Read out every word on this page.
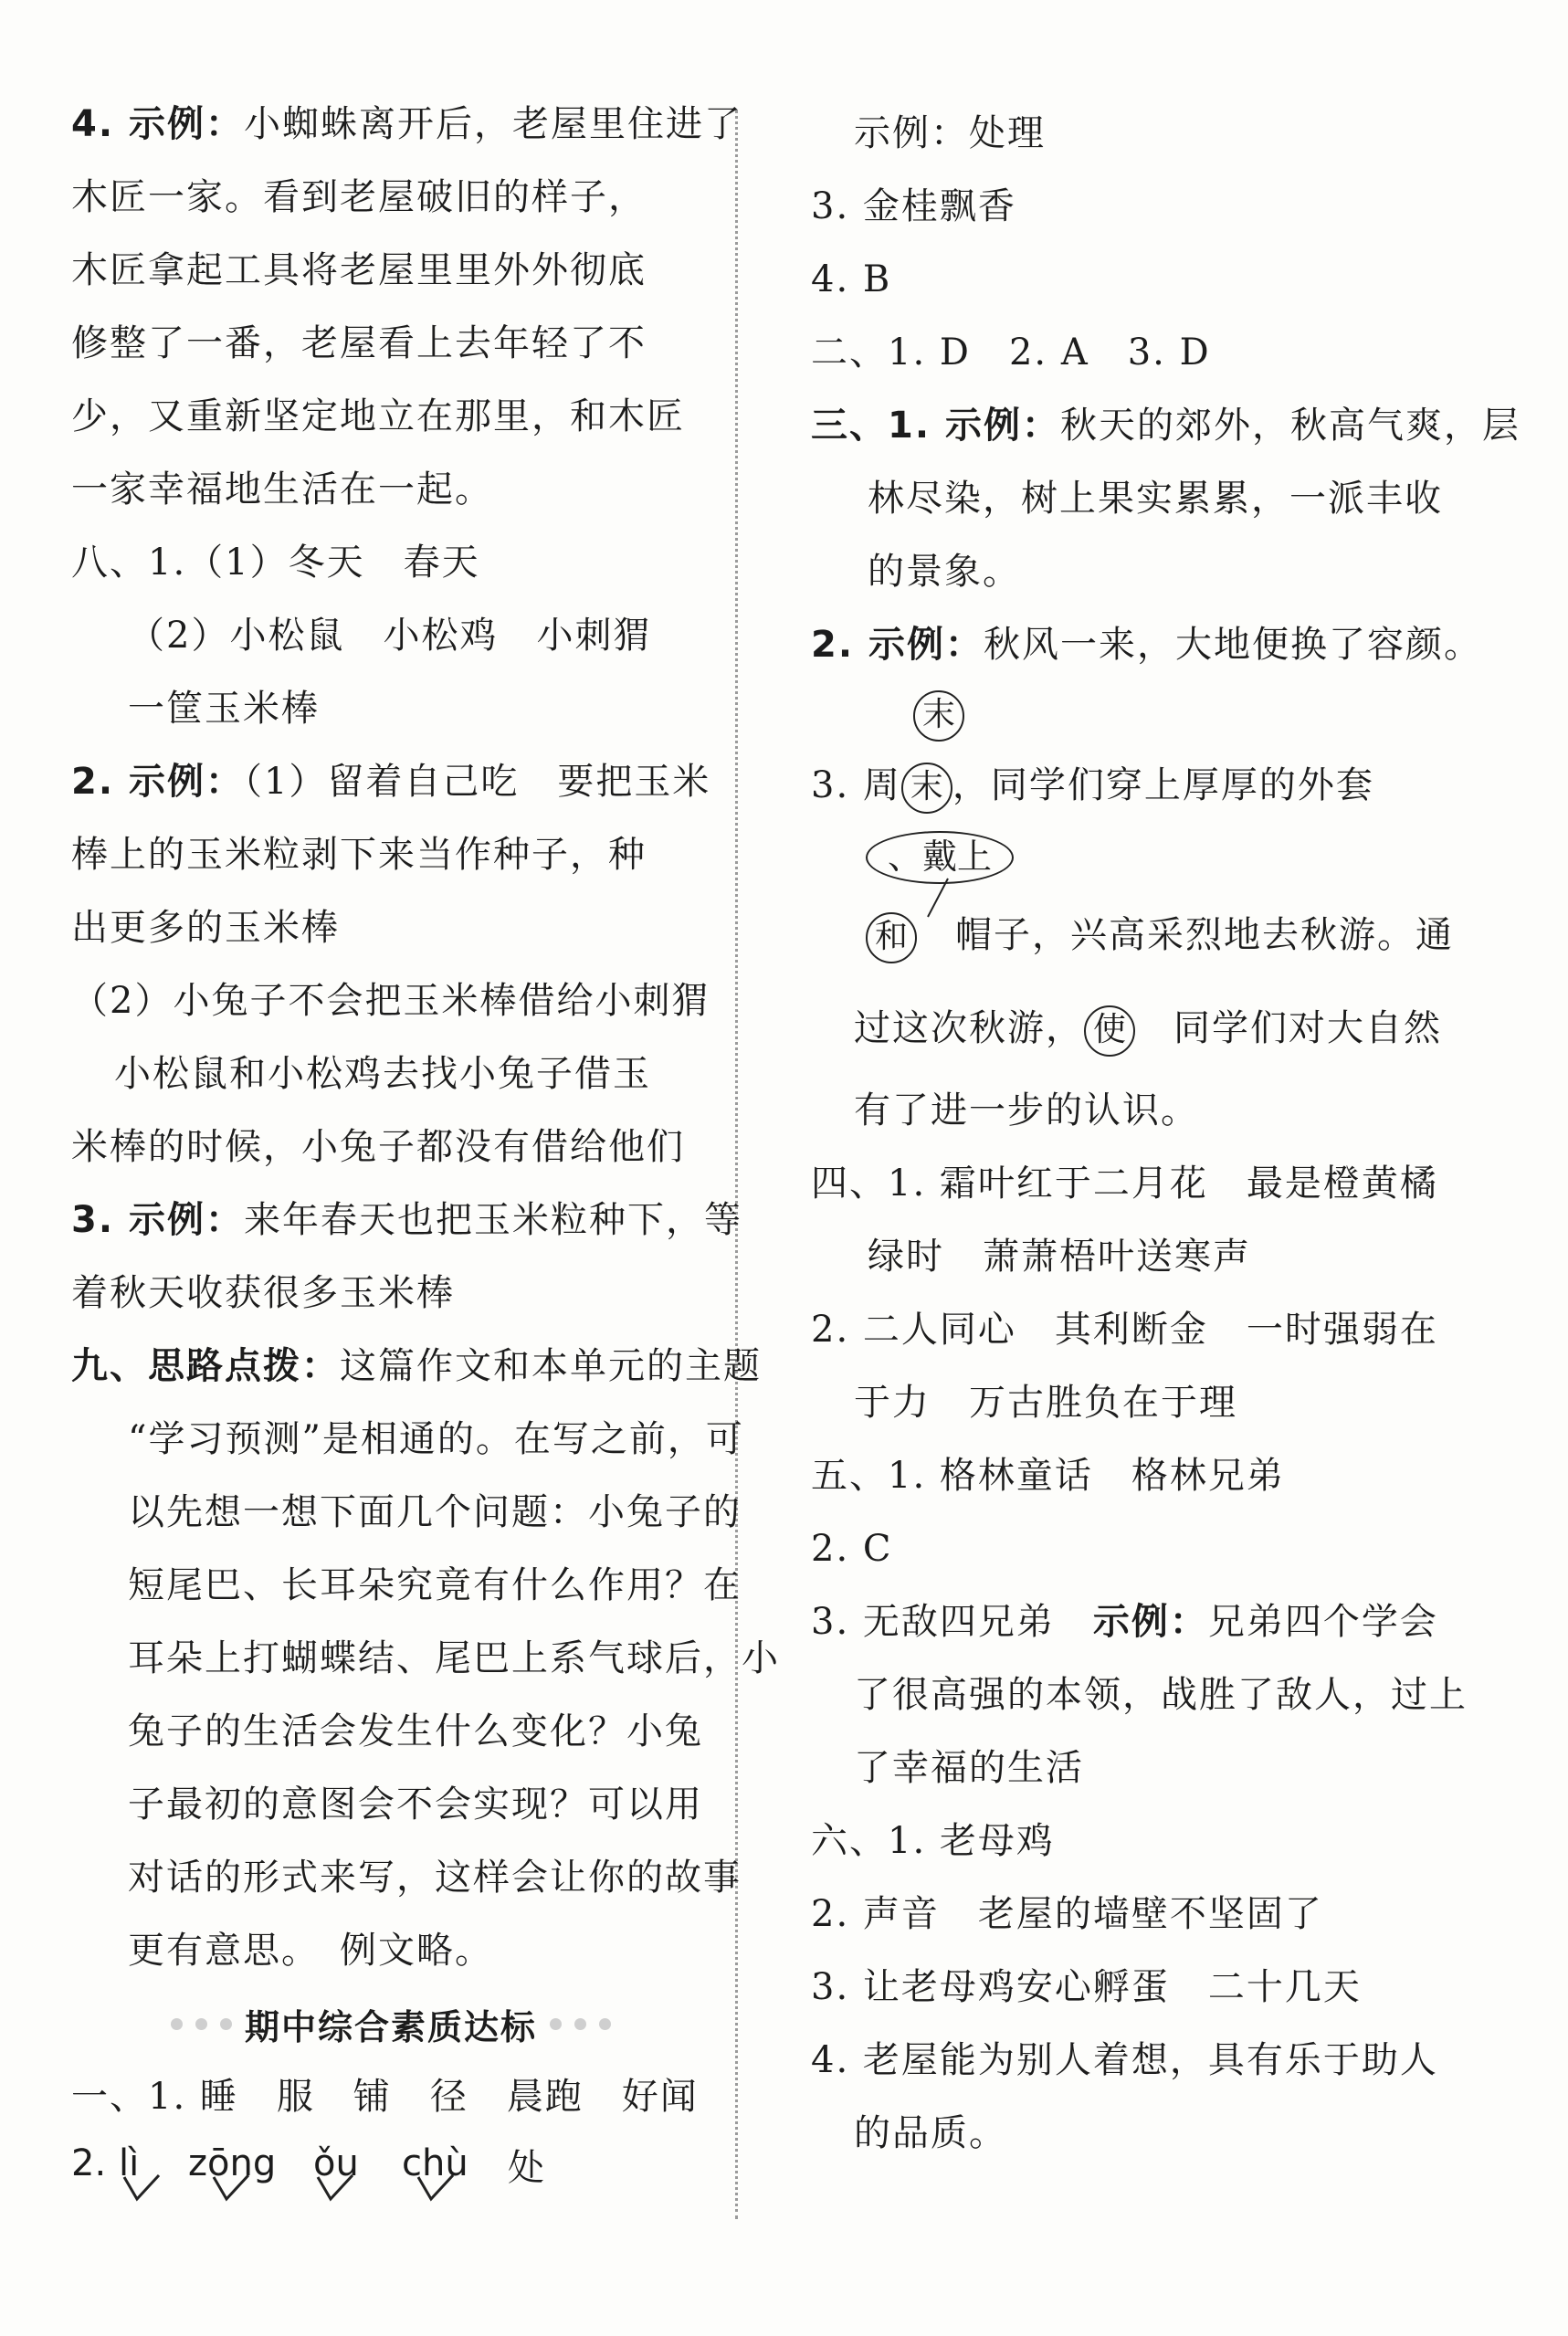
4. 示例：小蜘蛛离开后，老屋里住进了
木匠一家。看到老屋破旧的样子，
木匠拿起工具将老屋里里外外彻底
修整了一番，老屋看上去年轻了不
少，又重新坚定地立在那里，和木匠
一家幸福地生活在一起。
八、1.（1）冬天　春天
（2）小松鼠　小松鸡　小刺猬
一筐玉米棒
2. 示例：（1）留着自己吃　要把玉米
棒上的玉米粒剥下来当作种子，种
出更多的玉米棒
（2）小兔子不会把玉米棒借给小刺猬
小松鼠和小松鸡去找小兔子借玉
米棒的时候，小兔子都没有借给他们
3. 示例：来年春天也把玉米粒种下，等
着秋天收获很多玉米棒
九、思路点拨：这篇作文和本单元的主题
“学习预测”是相通的。在写之前，可
以先想一想下面几个问题：小兔子的
短尾巴、长耳朵究竟有什么作用？在
耳朵上打蝴蝶结、尾巴上系气球后，小
兔子的生活会发生什么变化？小兔
子最初的意图会不会实现？可以用
对话的形式来写，这样会让你的故事
更有意思。　例文略。
期中综合素质达标
一、1. 睡　服　铺　径　晨跑　好闻
2. lì zōng ǒu chù 处
示例：处理
3. 金桂飘香
4. B
二、1. D　2. A　3. D
三、1. 示例：秋天的郊外，秋高气爽，层
林尽染，树上果实累累，一派丰收
的景象。
2. 示例：秋风一来，大地便换了容颜。
末
3. 周 末 ，同学们穿上厚厚的外套
、戴上
和　 帽子，兴高采烈地去秋游。通
过这次秋游， 使　 同学们对大自然
有了进一步的认识。
四、1. 霜叶红于二月花　最是橙黄橘
绿时　萧萧梧叶送寒声
2. 二人同心　其利断金　一时强弱在
于力　万古胜负在于理
五、1. 格林童话　格林兄弟
2. C
3. 无敌四兄弟　示例：兄弟四个学会
了很高强的本领，战胜了敌人，过上
了幸福的生活
六、1. 老母鸡
2. 声音　老屋的墙壁不坚固了
3. 让老母鸡安心孵蛋　二十几天
4. 老屋能为别人着想，具有乐于助人
的品质。
